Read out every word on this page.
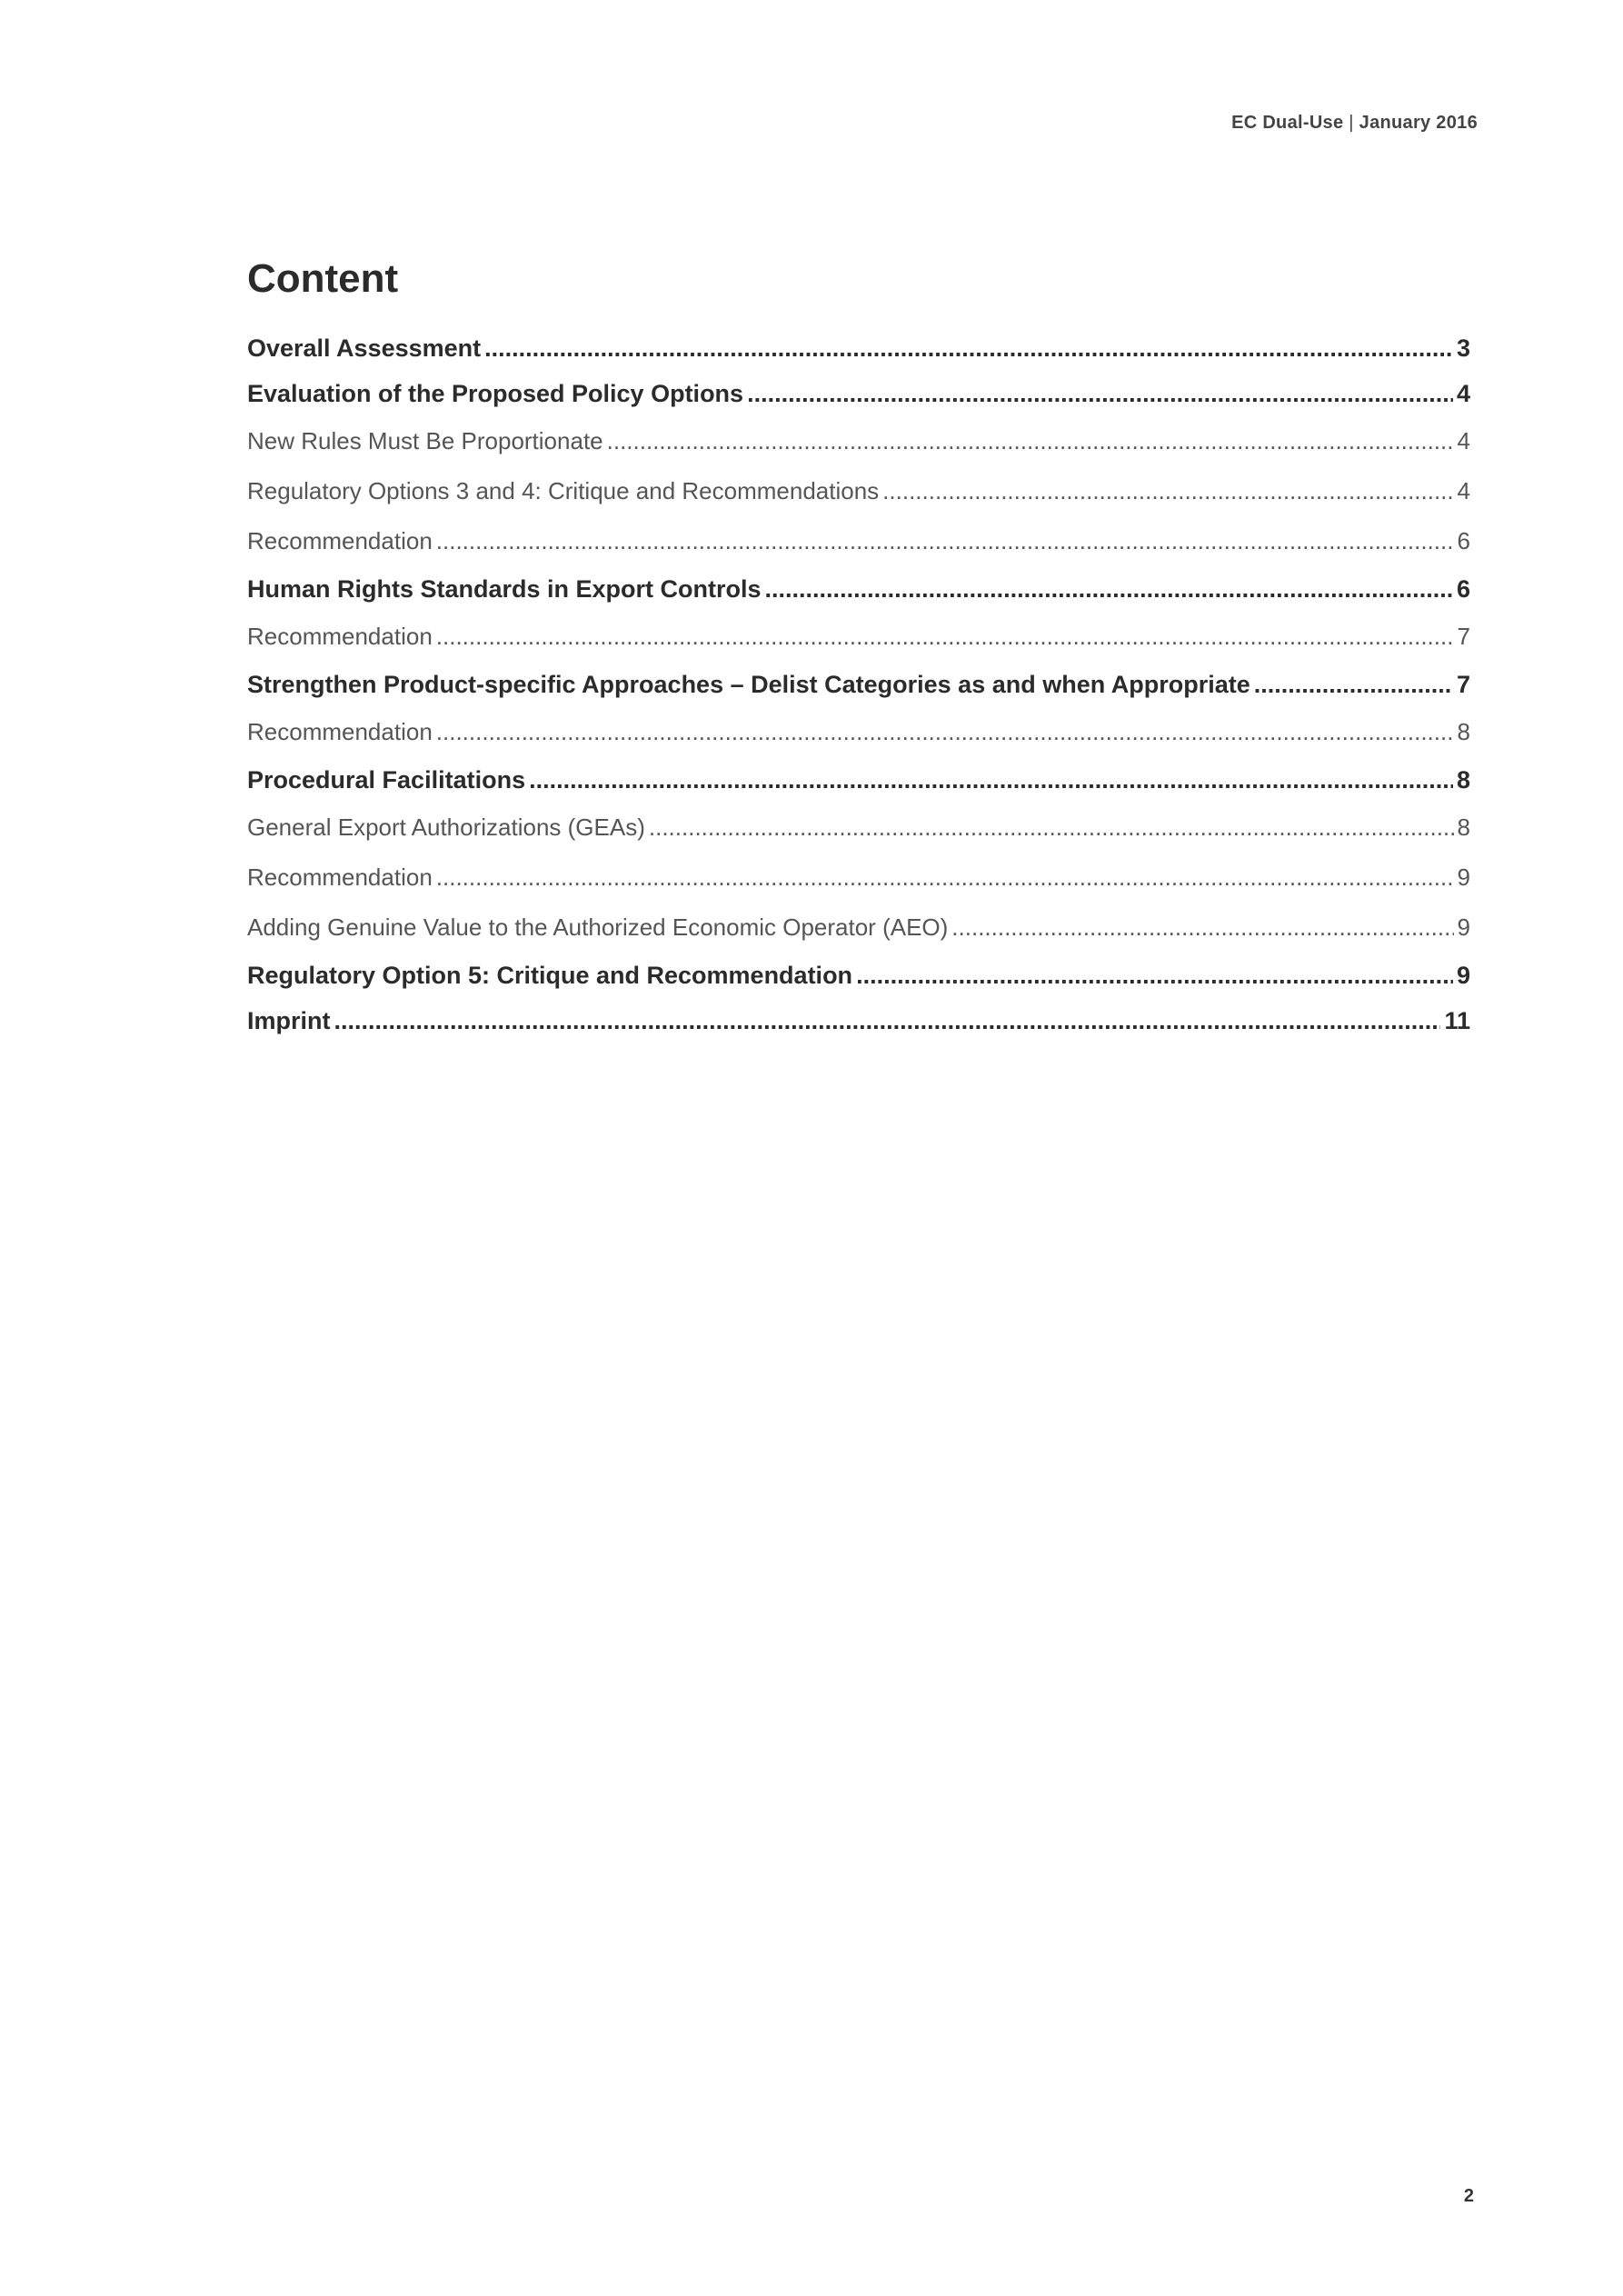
EC Dual-Use | January 2016
Content
Overall Assessment .....	3
Evaluation of the Proposed Policy Options .....	4
New Rules Must Be Proportionate .....	4
Regulatory Options 3 and 4: Critique and Recommendations .....	4
Recommendation .....	6
Human Rights Standards in Export Controls .....	6
Recommendation .....	7
Strengthen Product-specific Approaches – Delist Categories as and when Appropriate .....	7
Recommendation .....	8
Procedural Facilitations .....	8
General Export Authorizations (GEAs) .....	8
Recommendation .....	9
Adding Genuine Value to the Authorized Economic Operator (AEO) .....	9
Regulatory Option 5: Critique and Recommendation .....	9
Imprint .....	11
2
